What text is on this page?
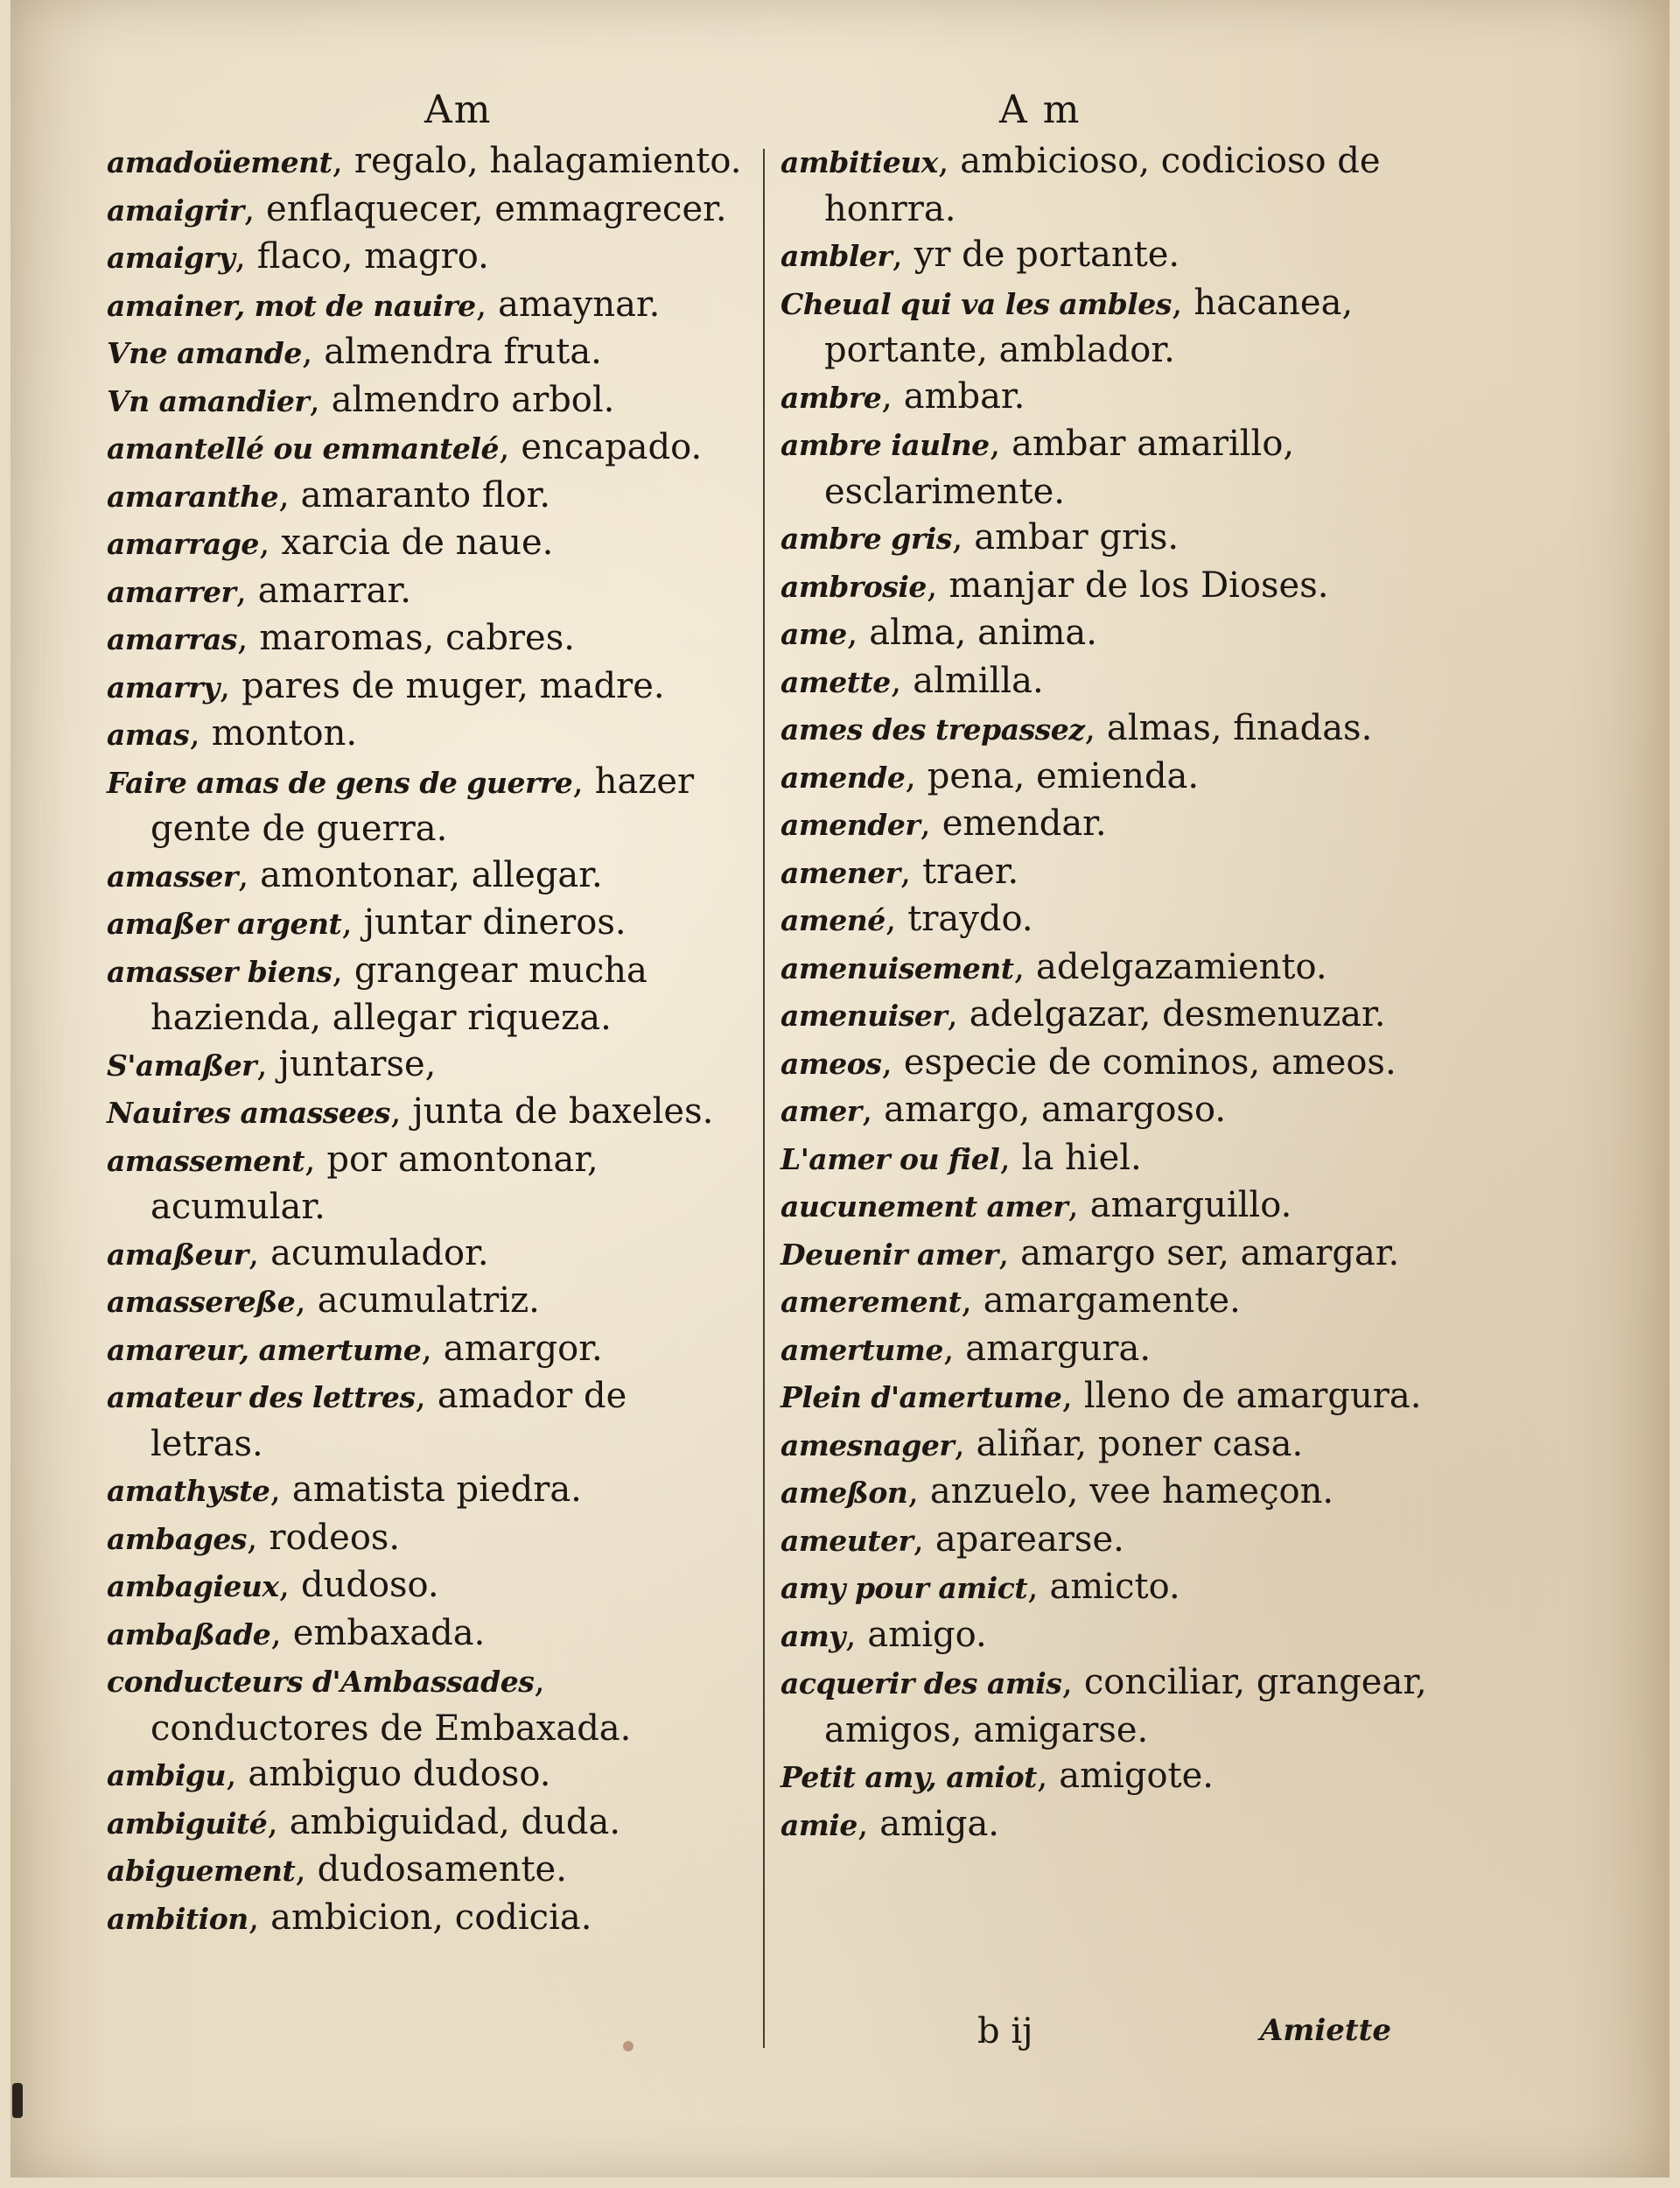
Am	A m
amadoüement, regalo, halagamiento.
amaigrir, enflaquecer, emmagrecer.
amaigry, flaco, magro.
amainer, mot de nauire, amaynar.
Vne amande, almendra fruta.
Vn amandier, almendro arbol.
amantellé ou emmantelé, encapado.
amaranthe, amaranto flor.
amarrage, xarcia de naue.
amarrer, amarrar.
amarras, maromas, cabres.
amarry, pares de muger, madre.
amas, monton.
Faire amas de gens de guerre, hazer gente de guerra.
amasser, amontonar, allegar.
amaßer argent, juntar dineros.
amasser biens, grangear mucha hazienda, allegar riqueza.
S'amaßer, juntarse,
Nauires amassees, junta de baxeles.
amassement, por amontonar, acumular.
amaßeur, acumulador.
amassereße, acumulatriz.
amareur, amertume, amargor.
amateur des lettres, amador de letras.
amathyste, amatista piedra.
ambages, rodeos.
ambagieux, dudoso.
ambaßade, embaxada.
conducteurs d'Ambassades, conductores de Embaxada.
ambigu, ambiguo dudoso.
ambiguité, ambiguidad, duda.
abiguement, dudosamente.
ambition, ambicion, codicia.
ambitieux, ambicioso, codicioso de honrra.
ambler, yr de portante.
Cheual qui va les ambles, hacanea, portante, amblador.
ambre, ambar.
ambre iaulne, ambar amarillo, esclarimente.
ambre gris, ambar gris.
ambrosie, manjar de los Dioses.
ame, alma, anima.
amette, almilla.
ames des trepassez, almas, finadas.
amende, pena, emienda.
amender, emendar.
amener, traer.
amené, traydo.
amenuisement, adelgazamiento.
amenuiser, adelgazar, desmenuzar.
ameos, especie de cominos, ameos.
amer, amargo, amargoso.
L'amer ou fiel, la hiel.
aucunement amer, amarguillo.
Deuenir amer, amargo ser, amargar.
amerement, amargamente.
amertume, amargura.
Plein d'amertume, lleno de amargura.
amesnager, aliñar, poner casa.
ameßon, anzuelo, vee hameçon.
ameuter, aparearse.
amy pour amict, amicto.
amy, amigo.
acquerir des amis, conciliar, grangear, amigos, amigarse.
Petit amy, amiot, amigote.
amie, amiga.
b ij	Amiette
